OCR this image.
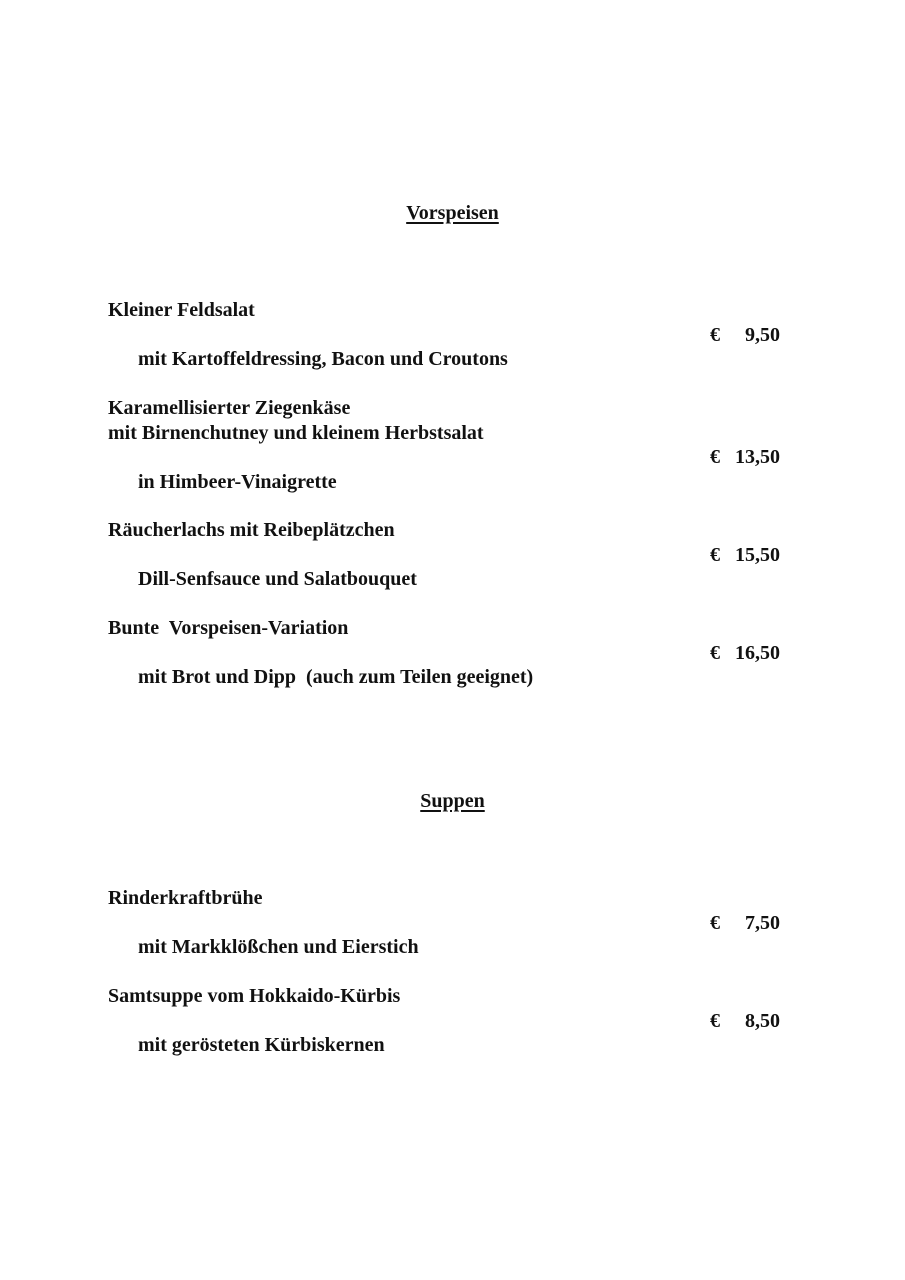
Vorspeisen
Kleiner Feldsalat

mit Kartoffeldressing, Bacon und Croutons

€ 9,50

Karamellisierter Ziegenkäse
mit Birnenchutney und kleinem Herbstsalat

in Himbeer-Vinaigrette

€ 13,50

Räucherlachs mit Reibeplätzchen

Dill-Senfsauce und Salatbouquet

€ 15,50

Bunte  Vorspeisen-Variation

mit Brot und Dipp  (auch zum Teilen geeignet)

€ 16,50

Suppen
Rinderkraftbrühe

mit Markklößchen und Eierstich

€ 7,50

Samtsuppe vom Hokkaido-Kürbis

mit gerösteten Kürbiskernen

€ 8,50
